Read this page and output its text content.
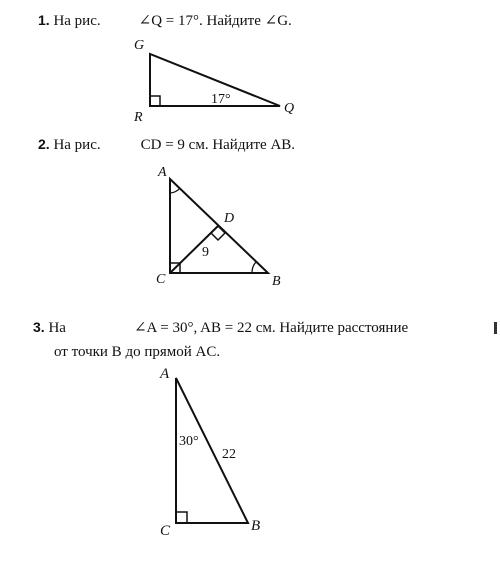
1. На рис.	∠Q = 17°. Найдите ∠G.
G
R
Q
17°
2. На рис.	CD = 9 см. Найдите AB.
A
D
C	B
9
3. На	∠A = 30°, AB = 22 см. Найдите расстояние
от точки B до прямой AC.
A
C	B
30°
22
